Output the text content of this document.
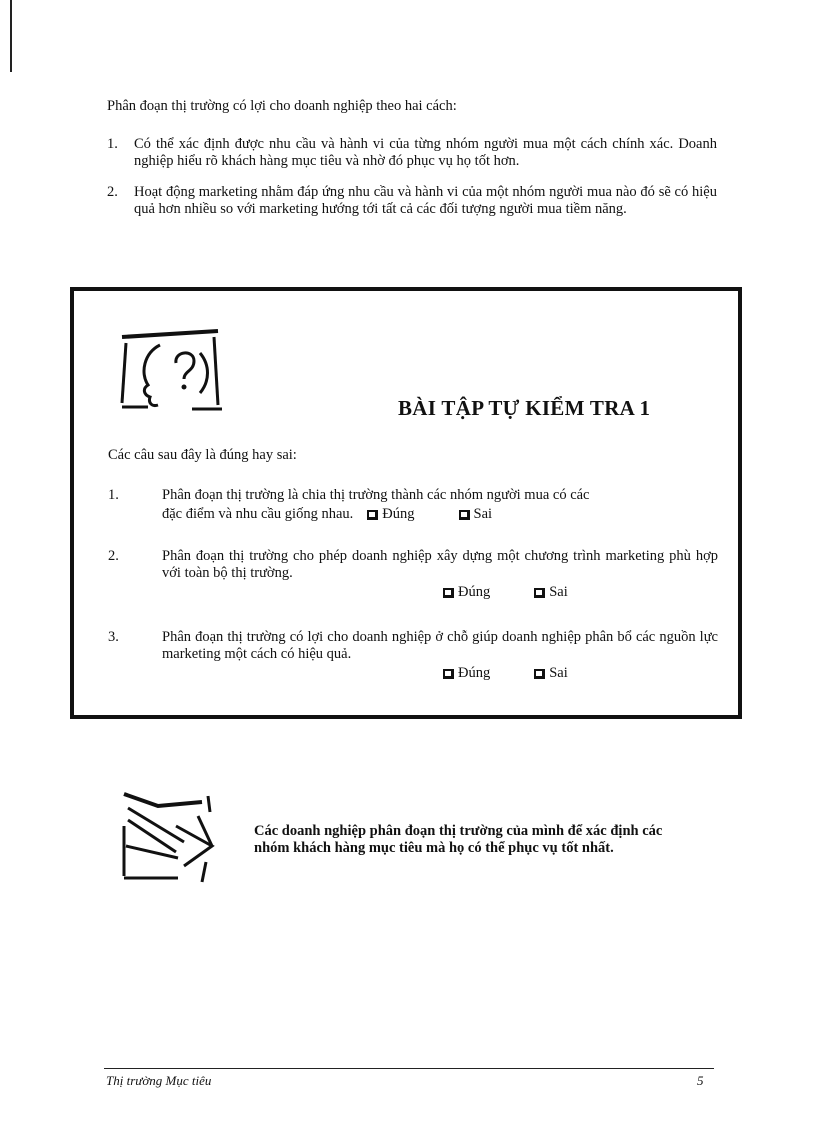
Phân đoạn thị trường có lợi cho doanh nghiệp theo hai cách:
1.	Có thể xác định được nhu cầu và hành vi của từng nhóm người mua một cách chính xác. Doanh nghiệp hiểu rõ khách hàng mục tiêu và nhờ đó phục vụ họ tốt hơn.
2.	Hoạt động marketing nhằm đáp ứng nhu cầu và hành vi của một nhóm người mua nào đó sẽ có hiệu quả hơn nhiều so với marketing hướng tới tất cả các đối tượng người mua tiềm năng.
BÀI TẬP TỰ KIỂM TRA 1
Các câu sau đây là đúng hay sai:
1.	Phân đoạn thị trường là chia thị trường thành các nhóm người mua có các
đặc điểm và nhu cầu giống nhau. Đúng	Sai
2.	Phân đoạn thị trường cho phép doanh nghiệp xây dựng một chương trình marketing phù hợp với toàn bộ thị trường.
Đúng	Sai
3.	Phân đoạn thị trường có lợi cho doanh nghiệp ở chỗ giúp doanh nghiệp phân bổ các nguồn lực marketing một cách có hiệu quả.
Đúng	Sai
Các doanh nghiệp phân đoạn thị trường của mình để xác định các nhóm khách hàng mục tiêu mà họ có thể phục vụ tốt nhất.
Thị trường Mục tiêu	5
